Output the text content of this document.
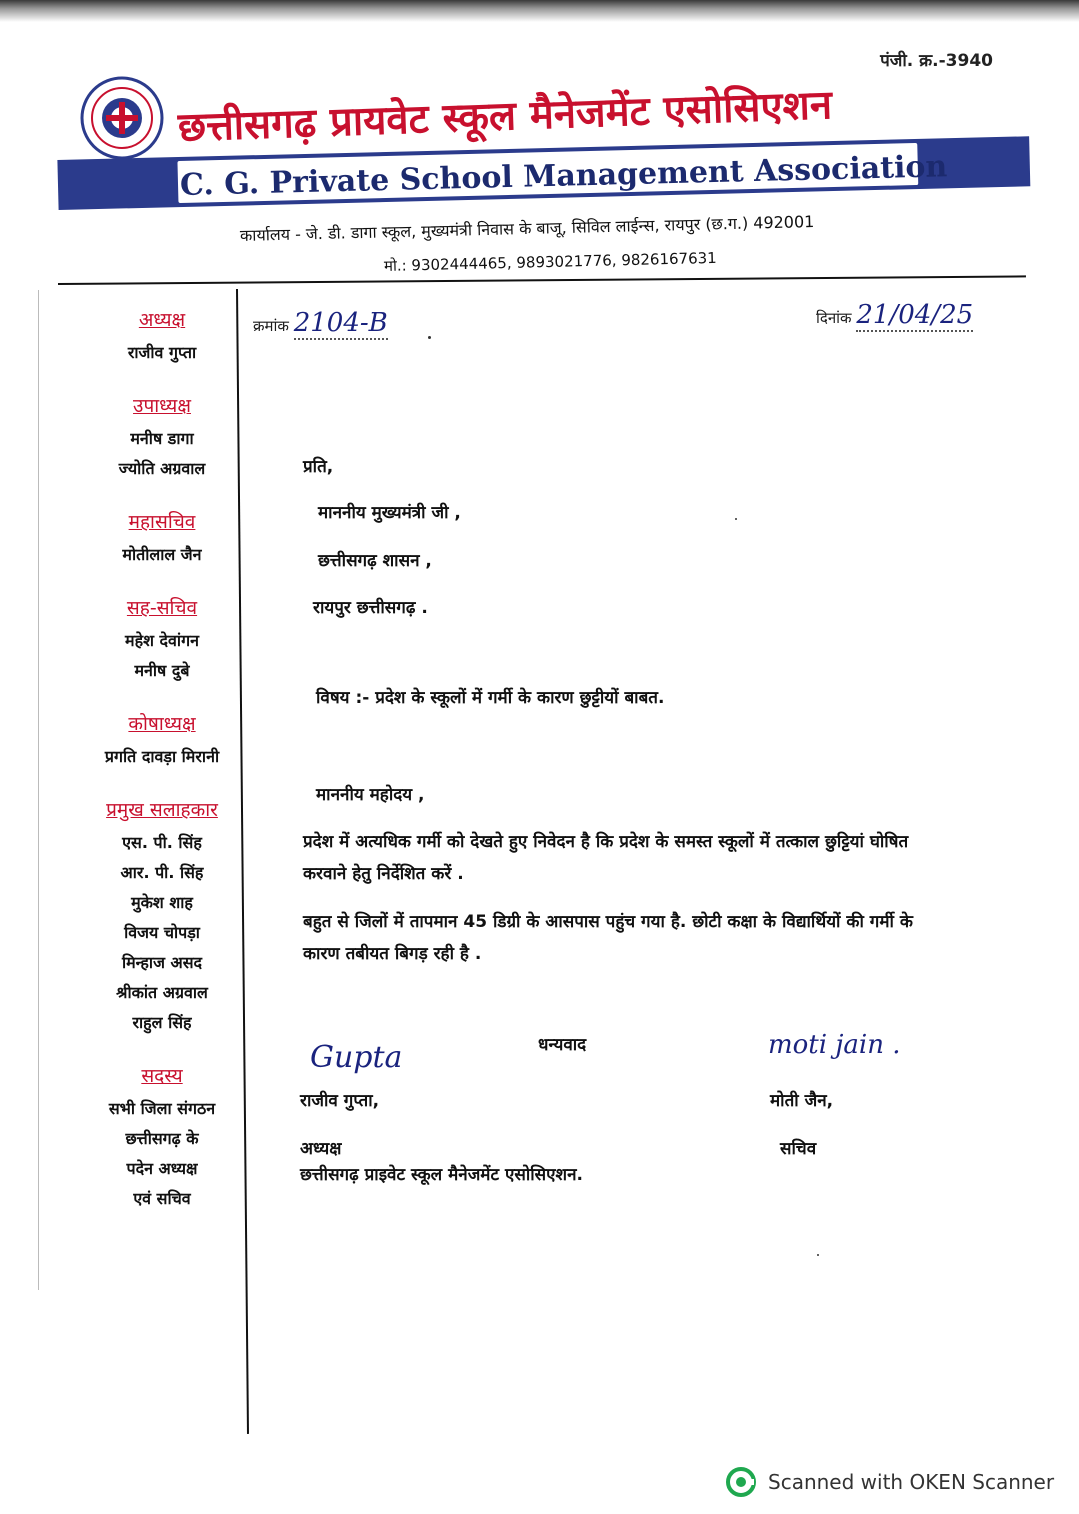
पंजी. क्र.-3940
छत्तीसगढ़ प्रायवेट स्कूल मैनेजमेंट एसोसिएशन
C. G. Private School Management Association
कार्यालय - जे. डी. डागा स्कूल, मुख्यमंत्री निवास के बाजू, सिविल लाईन्स, रायपुर (छ.ग.) 492001
मो.: 9302444465, 9893021776, 9826167631
अध्यक्ष
राजीव गुप्ता
उपाध्यक्ष
मनीष डागा
ज्योति अग्रवाल
महासचिव
मोतीलाल जैन
सह-सचिव
महेश देवांगन
मनीष दुबे
कोषाध्यक्ष
प्रगति दावड़ा मिरानी
प्रमुख सलाहकार
एस. पी. सिंह
आर. पी. सिंह
मुकेश शाह
विजय चोपड़ा
मिन्हाज असद
श्रीकांत अग्रवाल
राहुल सिंह
सदस्य
सभी जिला संगठन
छत्तीसगढ़ के
पदेन अध्यक्ष
एवं सचिव
क्रमांक 2104-B	दिनांक 21/04/25
प्रति,
माननीय मुख्यमंत्री जी ,
छत्तीसगढ़ शासन ,
रायपुर छत्तीसगढ़ .
विषय :- प्रदेश के स्कूलों में गर्मी के कारण छुट्टीयों बाबत.
माननीय महोदय ,
प्रदेश में अत्यधिक गर्मी को देखते हुए निवेदन है कि प्रदेश के समस्त स्कूलों में तत्काल छुट्टियां घोषित करवाने हेतु निर्देशित करें .
बहुत से जिलों में तापमान 45 डिग्री के आसपास पहुंच गया है. छोटी कक्षा के विद्यार्थियों की गर्मी के कारण तबीयत बिगड़ रही है .
धन्यवाद
Gupta
राजीव गुप्ता,
अध्यक्ष
छत्तीसगढ़ प्राइवेट स्कूल मैनेजमेंट एसोसिएशन.
moti jain .
मोती जैन,
सचिव
Scanned with OKEN Scanner
